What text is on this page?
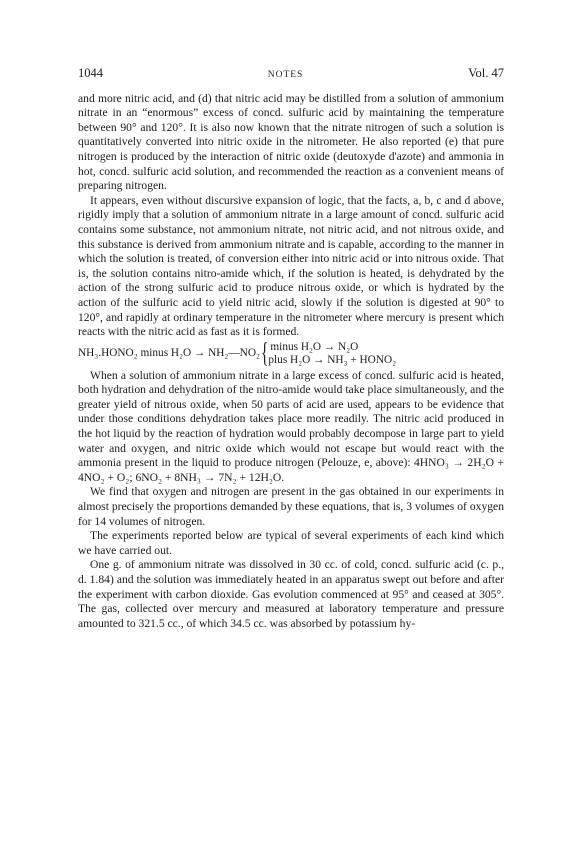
1044	NOTES	Vol. 47

and more nitric acid, and (d) that nitric acid may be distilled from a solution of ammonium nitrate in an “enormous” excess of concd. sulfuric acid by maintaining the temperature between 90° and 120°. It is also now known that the nitrate nitrogen of such a solution is quantitatively converted into nitric oxide in the nitrometer. He also reported (e) that pure nitrogen is produced by the interaction of nitric oxide (deutoxyde d'azote) and ammonia in hot, concd. sulfuric acid solution, and recommended the reaction as a convenient means of preparing nitrogen.

It appears, even without discursive expansion of logic, that the facts, a, b, c and d above, rigidly imply that a solution of ammonium nitrate in a large amount of concd. sulfuric acid contains some substance, not ammonium nitrate, not nitric acid, and not nitrous oxide, and this substance is derived from ammonium nitrate and is capable, according to the manner in which the solution is treated, of conversion either into nitric acid or into nitrous oxide. That is, the solution contains nitro-amide which, if the solution is heated, is dehydrated by the action of the strong sulfuric acid to produce nitrous oxide, or which is hydrated by the action of the sulfuric acid to yield nitric acid, slowly if the solution is digested at 90° to 120°, and rapidly at ordinary temperature in the nitrometer where mercury is present which reacts with the nitric acid as fast as it is formed.

NH₃.HONO₂ minus H₂O → NH₂—NO₂ { minus H₂O → N₂O
plus H₂O → NH₃ + HONO₂

When a solution of ammonium nitrate in a large excess of concd. sulfuric acid is heated, both hydration and dehydration of the nitro-amide would take place simultaneously, and the greater yield of nitrous oxide, when 50 parts of acid are used, appears to be evidence that under those conditions dehydration takes place more readily. The nitric acid produced in the hot liquid by the reaction of hydration would probably decompose in large part to yield water and oxygen, and nitric oxide which would not escape but would react with the ammonia present in the liquid to produce nitrogen (Pelouze, e, above): 4HNO₃ → 2H₂O + 4NO₂ + O₂; 6NO₂ + 8NH₃ → 7N₂ + 12H₂O.

We find that oxygen and nitrogen are present in the gas obtained in our experiments in almost precisely the proportions demanded by these equations, that is, 3 volumes of oxygen for 14 volumes of nitrogen.

The experiments reported below are typical of several experiments of each kind which we have carried out.

One g. of ammonium nitrate was dissolved in 30 cc. of cold, concd. sulfuric acid (c. p., d. 1.84) and the solution was immediately heated in an apparatus swept out before and after the experiment with carbon dioxide. Gas evolution commenced at 95° and ceased at 305°. The gas, collected over mercury and measured at laboratory temperature and pressure amounted to 321.5 cc., of which 34.5 cc. was absorbed by potassium hy-
